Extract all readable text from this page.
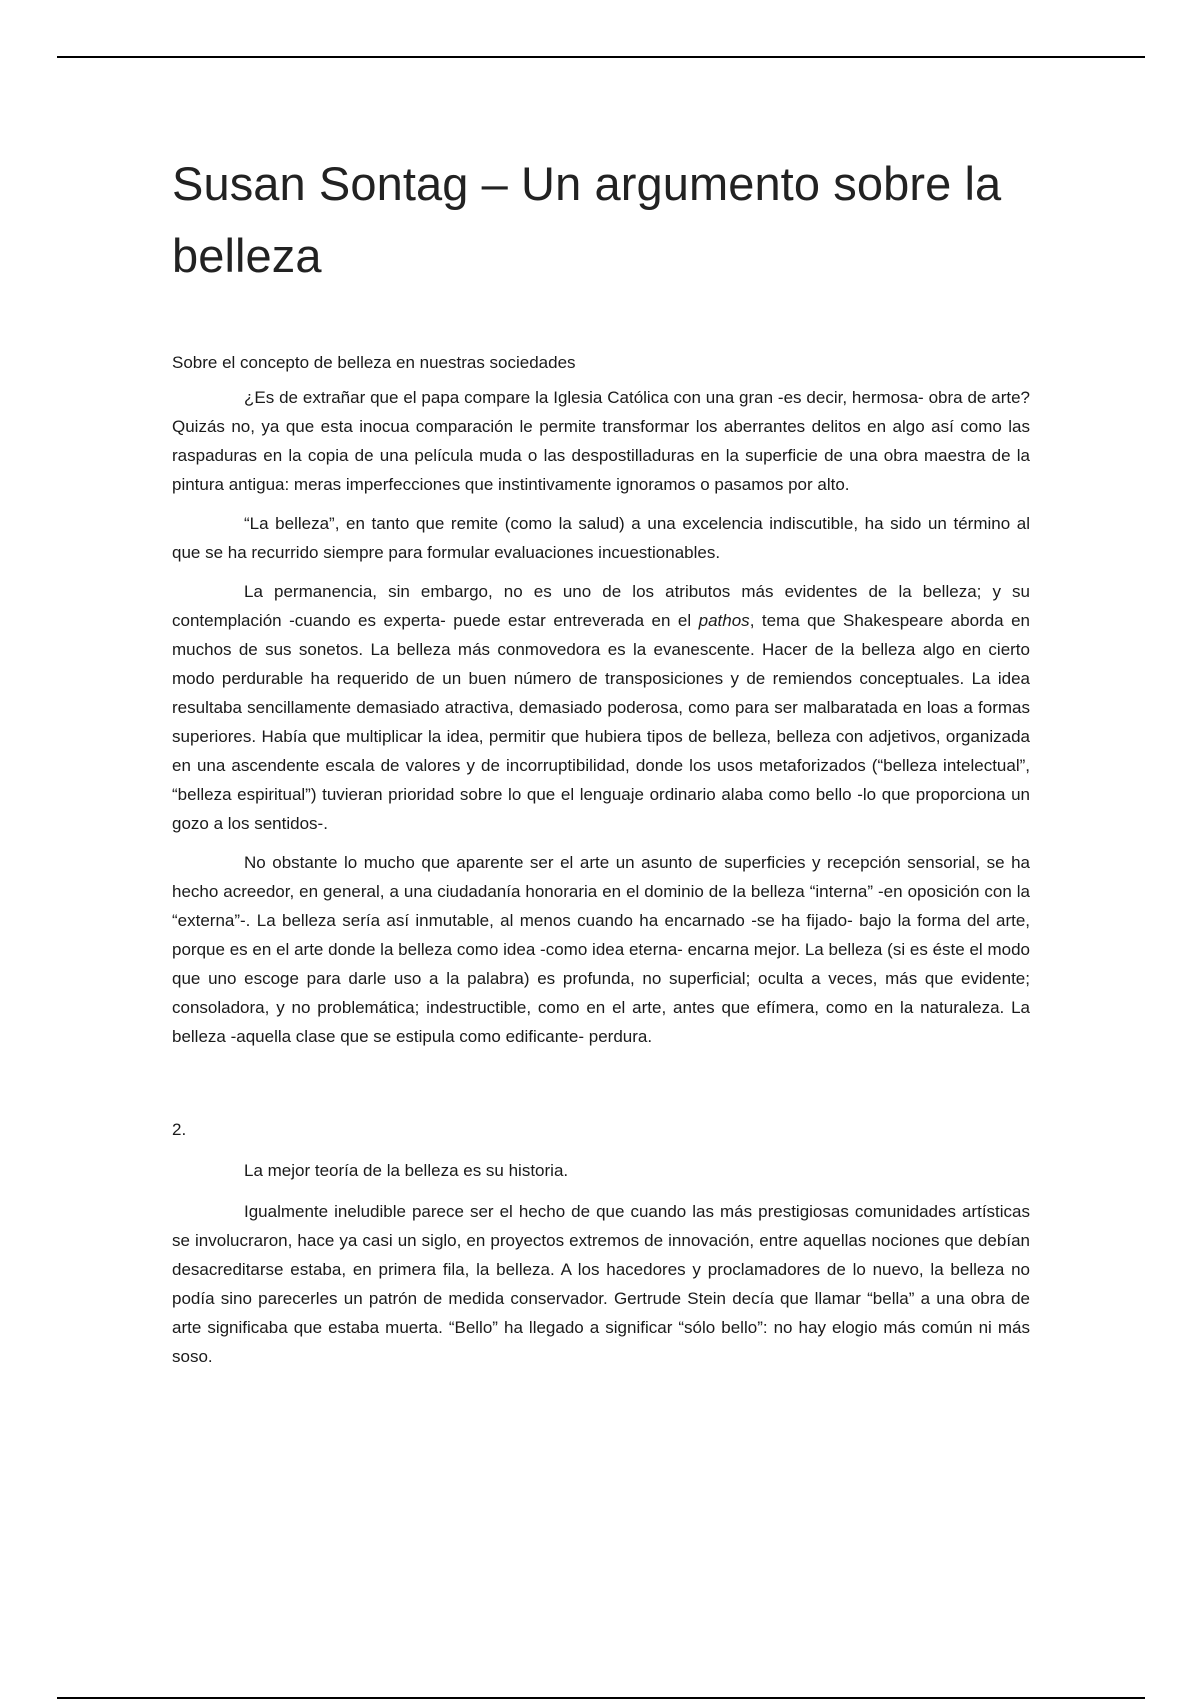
Susan Sontag – Un argumento sobre la belleza
Sobre el concepto de belleza en nuestras sociedades

¿Es de extrañar que el papa compare la Iglesia Católica con una gran -es decir, hermosa- obra de arte? Quizás no, ya que esta inocua comparación le permite transformar los aberrantes delitos en algo así como las raspaduras en la copia de una película muda o las despostilladuras en la superficie de una obra maestra de la pintura antigua: meras imperfecciones que instintivamente ignoramos o pasamos por alto.

“La belleza”, en tanto que remite (como la salud) a una excelencia indiscutible, ha sido un término al que se ha recurrido siempre para formular evaluaciones incuestionables.

La permanencia, sin embargo, no es uno de los atributos más evidentes de la belleza; y su contemplación -cuando es experta- puede estar entreverada en el pathos, tema que Shakespeare aborda en muchos de sus sonetos. La belleza más conmovedora es la evanescente. Hacer de la belleza algo en cierto modo perdurable ha requerido de un buen número de transposiciones y de remiendos conceptuales. La idea resultaba sencillamente demasiado atractiva, demasiado poderosa, como para ser malbaratada en loas a formas superiores. Había que multiplicar la idea, permitir que hubiera tipos de belleza, belleza con adjetivos, organizada en una ascendente escala de valores y de incorruptibilidad, donde los usos metaforizados (“belleza intelectual”, “belleza espiritual”) tuvieran prioridad sobre lo que el lenguaje ordinario alaba como bello -lo que proporciona un gozo a los sentidos-.

No obstante lo mucho que aparente ser el arte un asunto de superficies y recepción sensorial, se ha hecho acreedor, en general, a una ciudadanía honoraria en el dominio de la belleza “interna” -en oposición con la “externa”-. La belleza sería así inmutable, al menos cuando ha encarnado -se ha fijado- bajo la forma del arte, porque es en el arte donde la belleza como idea -como idea eterna- encarna mejor. La belleza (si es éste el modo que uno escoge para darle uso a la palabra) es profunda, no superficial; oculta a veces, más que evidente; consoladora, y no problemática; indestructible, como en el arte, antes que efímera, como en la naturaleza. La belleza -aquella clase que se estipula como edificante- perdura.

2.
La mejor teoría de la belleza es su historia.

Igualmente ineludible parece ser el hecho de que cuando las más prestigiosas comunidades artísticas se involucraron, hace ya casi un siglo, en proyectos extremos de innovación, entre aquellas nociones que debían desacreditarse estaba, en primera fila, la belleza. A los hacedores y proclamadores de lo nuevo, la belleza no podía sino parecerles un patrón de medida conservador. Gertrude Stein decía que llamar “bella” a una obra de arte significaba que estaba muerta. “Bello” ha llegado a significar “sólo bello”: no hay elogio más común ni más soso.
